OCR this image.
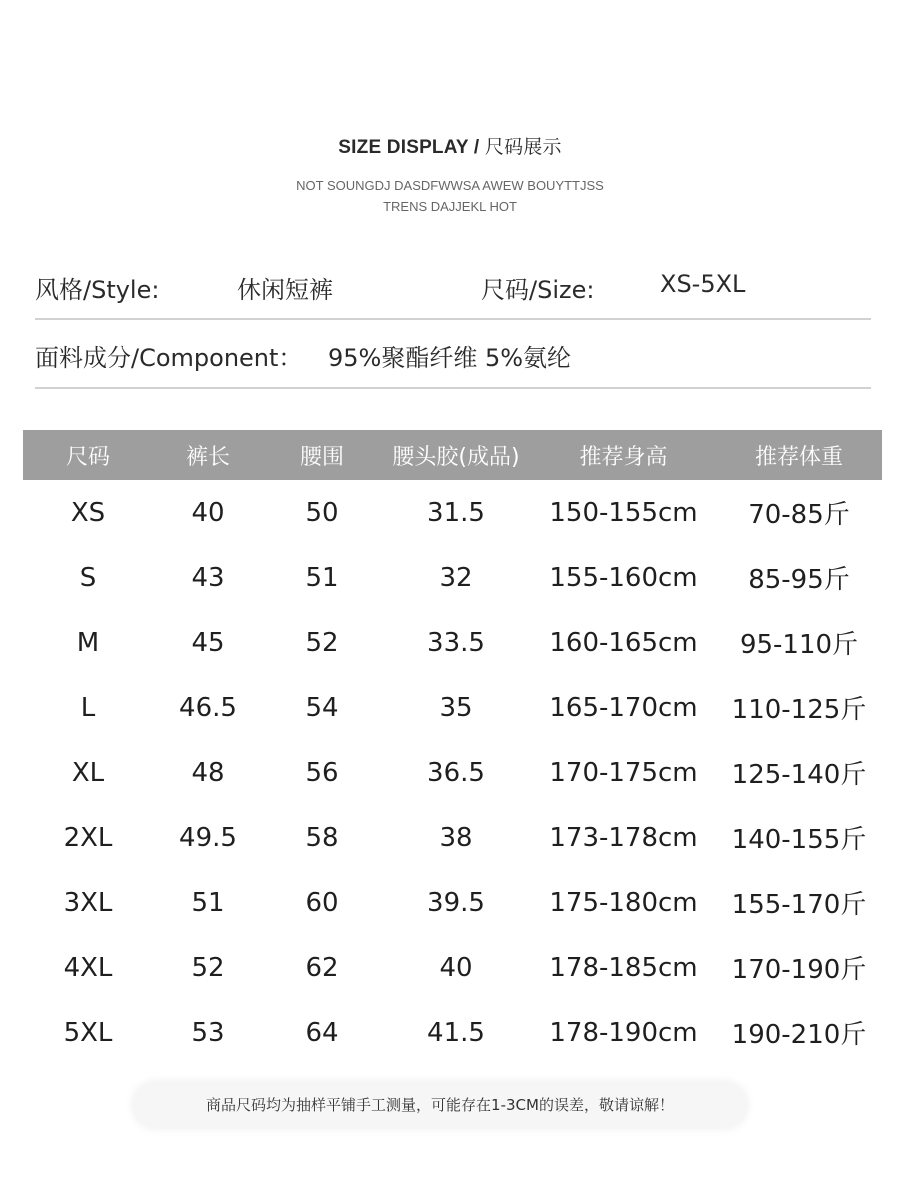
SIZE DISPLAY / 尺码展示
NOT SOUNGDJ DASDFWWSA AWEW BOUYTTJSS
TRENS DAJJEKL HOT
风格/Style:	休闲短裤	尺码/Size:	XS-5XL
面料成分/Component： 95%聚酯纤维 5%氨纶
尺码	裤长	腰围	腰头胶(成品)	推荐身高	推荐体重
XS	40	50	31.5	150-155cm	70-85斤
S	43	51	32	155-160cm	85-95斤
M	45	52	33.5	160-165cm	95-110斤
L	46.5	54	35	165-170cm	110-125斤
XL	48	56	36.5	170-175cm	125-140斤
2XL	49.5	58	38	173-178cm	140-155斤
3XL	51	60	39.5	175-180cm	155-170斤
4XL	52	62	40	178-185cm	170-190斤
5XL	53	64	41.5	178-190cm	190-210斤
商品尺码均为抽样平铺手工测量，可能存在1-3CM的误差，敬请谅解！
